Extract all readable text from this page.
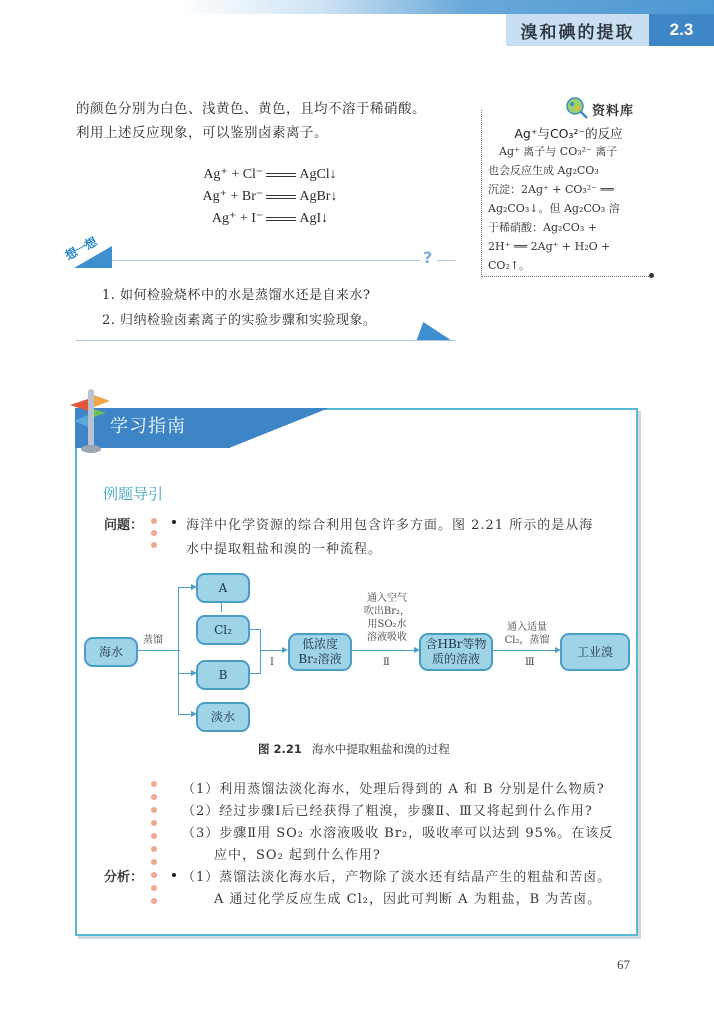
溴和碘的提取	2.3
的颜色分别为白色、浅黄色、黄色，且均不溶于稀硝酸。
利用上述反应现象，可以鉴别卤素离子。
Ag⁺ + Cl⁻	AgCl↓
Ag⁺ + Br⁻	AgBr↓
Ag⁺ + I⁻	AgI↓
资料库
Ag⁺与CO₃²⁻的反应
　Ag⁺ 离子与 CO₃²⁻ 离子
也会反应生成 Ag₂CO₃
沉淀：2Ag⁺ + CO₃²⁻ ══
Ag₂CO₃↓。但 Ag₂CO₃ 溶
于稀硝酸：Ag₂CO₃ +
2H⁺ ══ 2Ag⁺ + H₂O +
CO₂↑。
想一想	?
1. 如何检验烧杯中的水是蒸馏水还是自来水?
2. 归纳检验卤素离子的实验步骤和实验现象。
学习指南
例题导引
问题：	海洋中化学资源的综合利用包含许多方面。图 2.21 所示的是从海
水中提取粗盐和溴的一种流程。
海水
蒸馏
A
Cl₂
B
淡水
Ⅰ
低浓度
Br₂溶液
通入空气
吹出Br₂，
用SO₂水
溶液吸收
Ⅱ
含HBr等物
质的溶液
通入适量
Cl₂，蒸馏
Ⅲ
工业溴
图 2.21 海水中提取粗盐和溴的过程
（1）利用蒸馏法淡化海水，处理后得到的 A 和 B 分别是什么物质?
（2）经过步骤Ⅰ后已经获得了粗溴，步骤Ⅱ、Ⅲ又将起到什么作用?
（3）步骤Ⅱ用 SO₂ 水溶液吸收 Br₂，吸收率可以达到 95%。在该反
应中，SO₂ 起到什么作用?
分析：	（1）蒸馏法淡化海水后，产物除了淡水还有结晶产生的粗盐和苦卤。
A 通过化学反应生成 Cl₂，因此可判断 A 为粗盐，B 为苦卤。
67
